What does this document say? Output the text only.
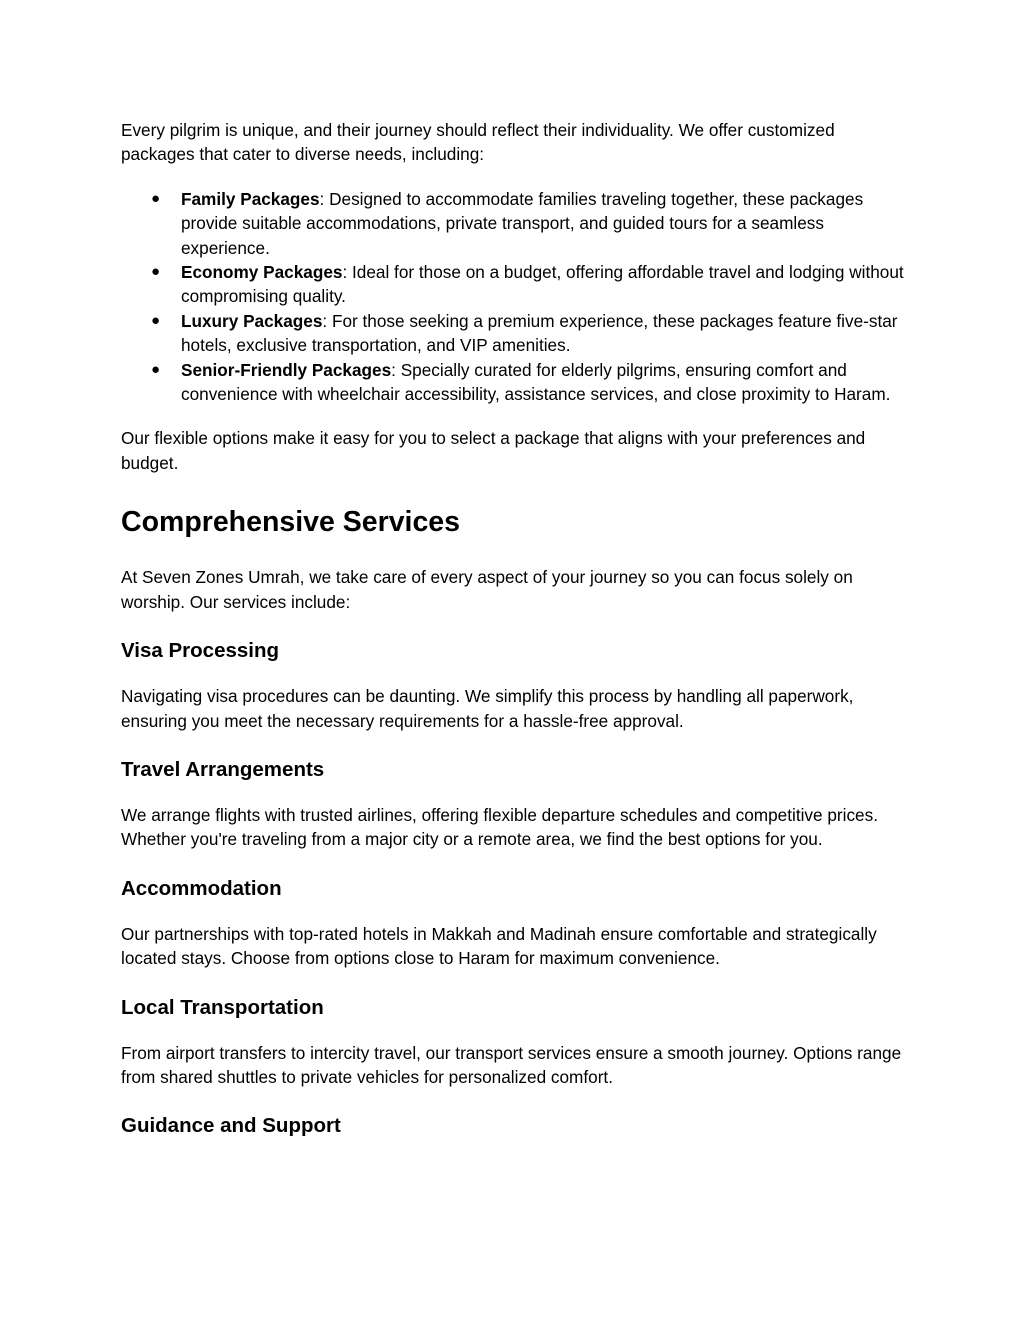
Every pilgrim is unique, and their journey should reflect their individuality. We offer customized packages that cater to diverse needs, including:

● Family Packages: Designed to accommodate families traveling together, these packages provide suitable accommodations, private transport, and guided tours for a seamless experience.
● Economy Packages: Ideal for those on a budget, offering affordable travel and lodging without compromising quality.
● Luxury Packages: For those seeking a premium experience, these packages feature five-star hotels, exclusive transportation, and VIP amenities.
● Senior-Friendly Packages: Specially curated for elderly pilgrims, ensuring comfort and convenience with wheelchair accessibility, assistance services, and close proximity to Haram.

Our flexible options make it easy for you to select a package that aligns with your preferences and budget.

Comprehensive Services

At Seven Zones Umrah, we take care of every aspect of your journey so you can focus solely on worship. Our services include:

Visa Processing

Navigating visa procedures can be daunting. We simplify this process by handling all paperwork, ensuring you meet the necessary requirements for a hassle-free approval.

Travel Arrangements

We arrange flights with trusted airlines, offering flexible departure schedules and competitive prices. Whether you're traveling from a major city or a remote area, we find the best options for you.

Accommodation

Our partnerships with top-rated hotels in Makkah and Madinah ensure comfortable and strategically located stays. Choose from options close to Haram for maximum convenience.

Local Transportation

From airport transfers to intercity travel, our transport services ensure a smooth journey. Options range from shared shuttles to private vehicles for personalized comfort.

Guidance and Support
